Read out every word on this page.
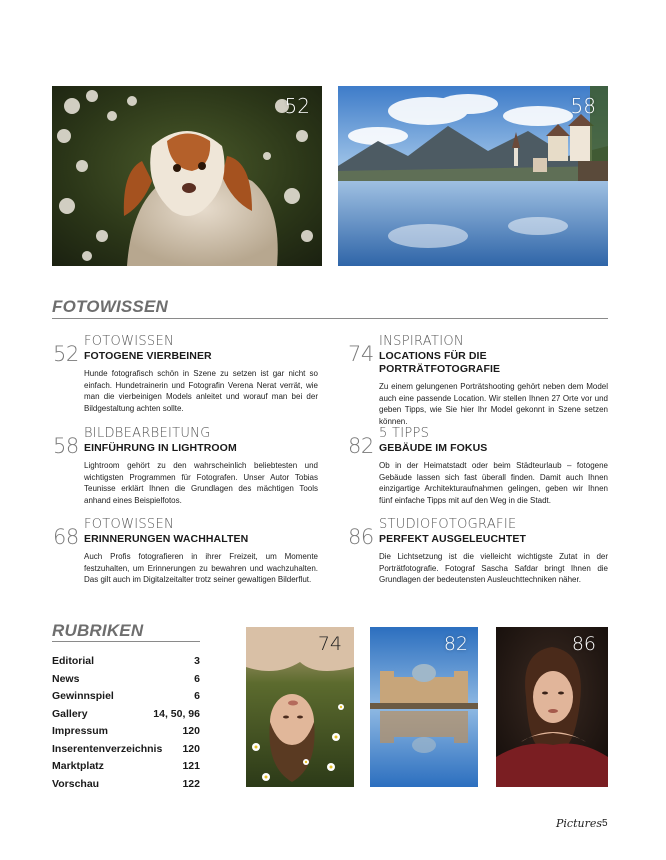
52	58
FOTOWISSEN
52
FOTOWISSEN
FOTOGENE VIERBEINER
Hunde fotografisch schön in Szene zu setzen ist gar nicht so einfach. Hundetrainerin und Fotografin Verena Nerat verrät, wie man die vierbeinigen Models anleitet und worauf man bei der Bildgestaltung achten sollte.
74
INSPIRATION
LOCATIONS FÜR DIE PORTRÄTFOTOGRAFIE
Zu einem gelungenen Porträtshooting gehört neben dem Model auch eine passende Location. Wir stellen Ihnen 27 Orte vor und geben Tipps, wie Sie hier Ihr Model gekonnt in Szene setzen können.
58
BILDBEARBEITUNG
EINFÜHRUNG IN LIGHTROOM
Lightroom gehört zu den wahrscheinlich beliebtesten und wichtigsten Programmen für Fotografen. Unser Autor Tobias Teunisse erklärt Ihnen die Grundlagen des mächtigen Tools anhand eines Beispielfotos.
82
5 TIPPS
GEBÄUDE IM FOKUS
Ob in der Heimatstadt oder beim Städteurlaub – fotogene Gebäude lassen sich fast überall finden. Damit auch Ihnen einzigartige Architekturaufnahmen gelingen, geben wir Ihnen fünf einfache Tipps mit auf den Weg in die Stadt.
68
FOTOWISSEN
ERINNERUNGEN WACHHALTEN
Auch Profis fotografieren in ihrer Freizeit, um Momente festzuhalten, um Erinnerungen zu bewahren und wachzuhalten. Das gilt auch im Digitalzeitalter trotz seiner gewaltigen Bilderflut.
86
STUDIOFOTOGRAFIE
PERFEKT AUSGELEUCHTET
Die Lichtsetzung ist die vielleicht wichtigste Zutat in der Porträtfotografie. Fotograf Sascha Safdar bringt Ihnen die Grundlagen der bedeutensten Ausleuchttechniken näher.
RUBRIKEN
Editorial	3
News	6
Gewinnspiel	6
Gallery	14, 50, 96
Impressum	120
Inserentenverzeichnis 120
Marktplatz	121
Vorschau	122
74	82	86
Pictures 5
